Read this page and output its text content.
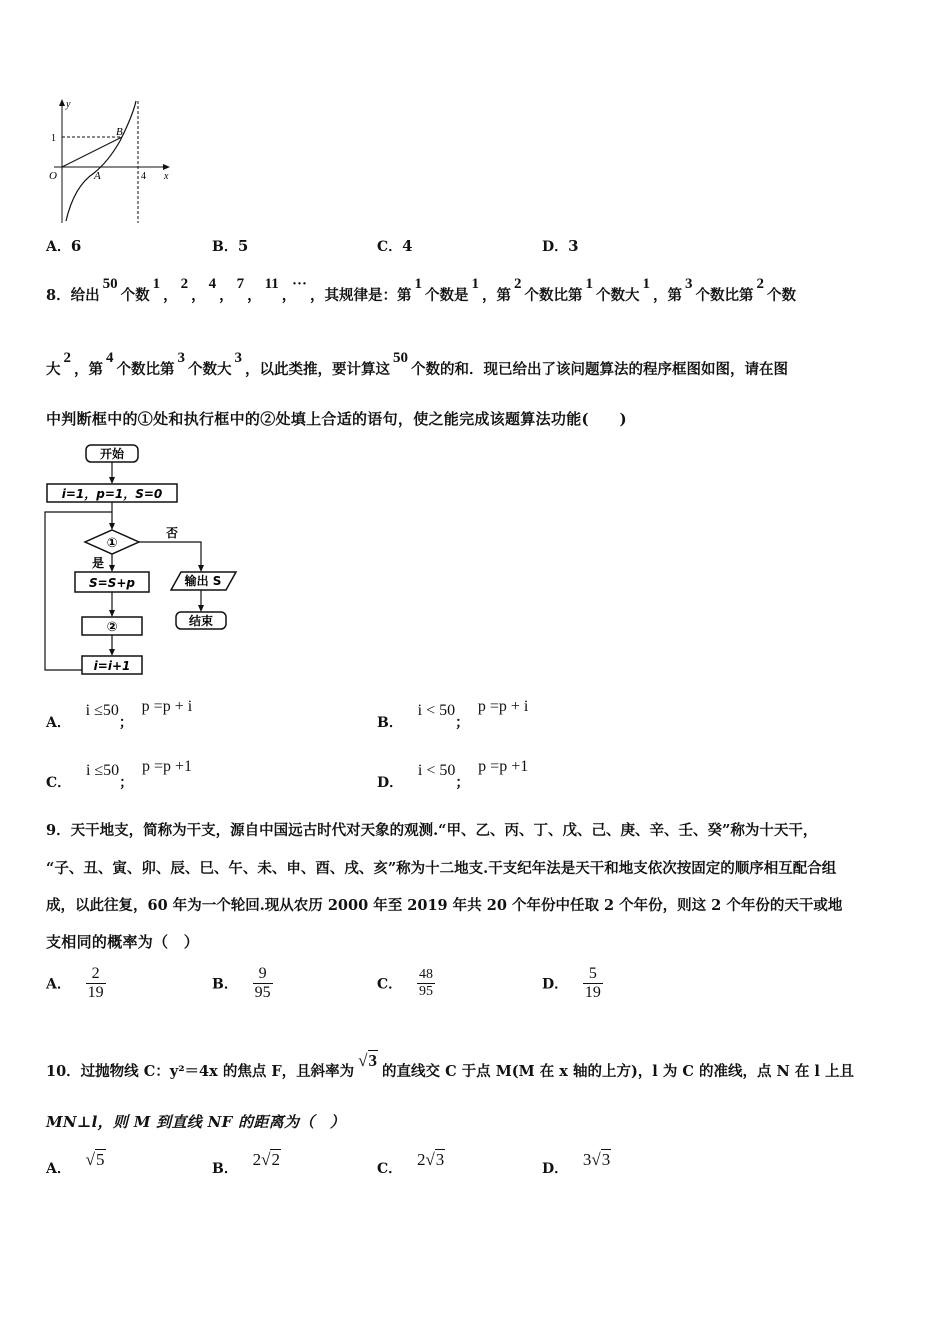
y
x
O
1
4
A
B
A．6	B．5	C．4	D．3
8．给出50个数1，2，4，7，11，···，其规律是：第1个数是1，第2个数比第1个数大1，第3个数比第2个数
大2，第4个数比第3个数大3，以此类推，要计算这50个数的和．现已给出了该问题算法的程序框图如图，请在图
中判断框中的①处和执行框中的②处填上合适的语句，使之能完成该题算法功能(　　)
开始
i=1，p=1，S=0
①
否
输出 S
结束
是
S=S+p
②
i=i+1
A． i ≤50； p =p + i
B． i < 50； p =p + i
C． i ≤50； p =p +1
D． i < 50； p =p +1
9．天干地支，简称为干支，源自中国远古时代对天象的观测.“甲、乙、丙、丁、戊、己、庚、辛、壬、癸”称为十天干，
“子、丑、寅、卯、辰、巳、午、未、申、酉、戌、亥”称为十二地支.干支纪年法是天干和地支依次按固定的顺序相互配合组
成，以此往复，60 年为一个轮回.现从农历 2000 年至 2019 年共 20 个年份中任取 2 个年份，则这 2 个年份的天干或地
支相同的概率为（　）
A． $\frac{2}{19}$	B． $\frac{9}{95}$	C． $\frac{48}{95}$	D． $\frac{5}{19}$
10．过抛物线 C：y²＝4x 的焦点 F，且斜率为√3的直线交 C 于点 M(M 在 x 轴的上方)，l 为 C 的准线，点 N 在 l 上且
MN⊥l，则 M 到直线 NF 的距离为（　）
A． √5	B． 2√2	C． 2√3	D． 3√3
